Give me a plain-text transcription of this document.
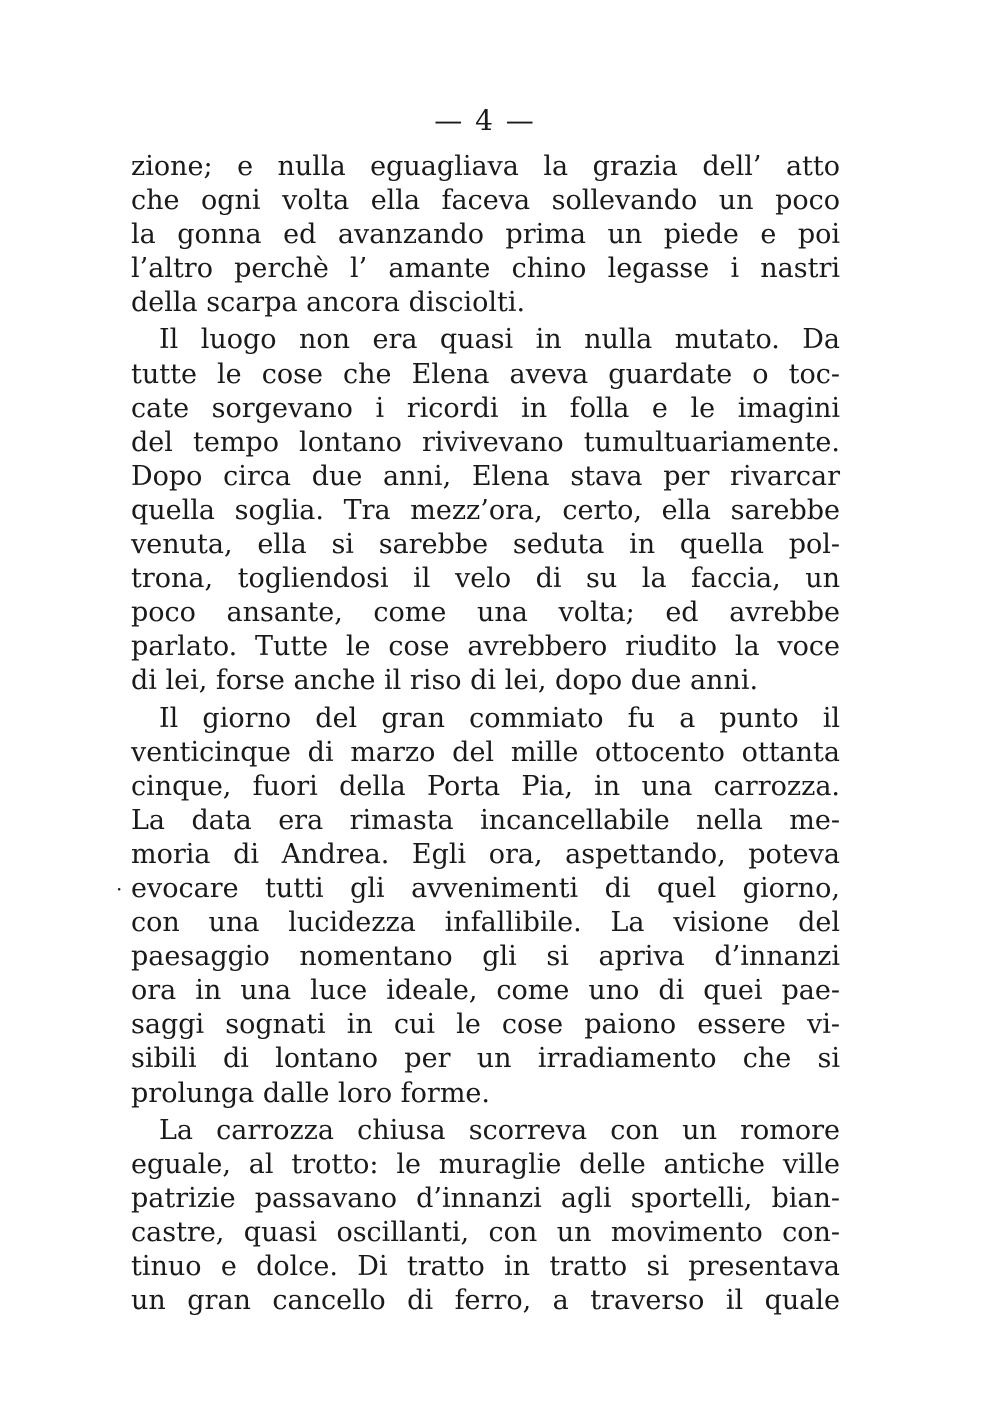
— 4 —
·
zione; e nulla eguagliava la grazia dell’ atto
che ogni volta ella faceva sollevando un poco
la gonna ed avanzando prima un piede e poi
l’altro perchè l’ amante chino legasse i nastri
della scarpa ancora disciolti.
Il luogo non era quasi in nulla mutato. Da
tutte le cose che Elena aveva guardate o toc-
cate sorgevano i ricordi in folla e le imagini
del tempo lontano rivivevano tumultuariamente.
Dopo circa due anni, Elena stava per rivarcar
quella soglia. Tra mezz’ora, certo, ella sarebbe
venuta, ella si sarebbe seduta in quella pol-
trona, togliendosi il velo di su la faccia, un
poco ansante, come una volta; ed avrebbe
parlato. Tutte le cose avrebbero riudito la voce
di lei, forse anche il riso di lei, dopo due anni.
Il giorno del gran commiato fu a punto il
venticinque di marzo del mille ottocento ottanta
cinque, fuori della Porta Pia, in una carrozza.
La data era rimasta incancellabile nella me-
moria di Andrea. Egli ora, aspettando, poteva
evocare tutti gli avvenimenti di quel giorno,
con una lucidezza infallibile. La visione del
paesaggio nomentano gli si apriva d’innanzi
ora in una luce ideale, come uno di quei pae-
saggi sognati in cui le cose paiono essere vi-
sibili di lontano per un irradiamento che si
prolunga dalle loro forme.
La carrozza chiusa scorreva con un romore
eguale, al trotto: le muraglie delle antiche ville
patrizie passavano d’innanzi agli sportelli, bian-
castre, quasi oscillanti, con un movimento con-
tinuo e dolce. Di tratto in tratto si presentava
un gran cancello di ferro, a traverso il quale
